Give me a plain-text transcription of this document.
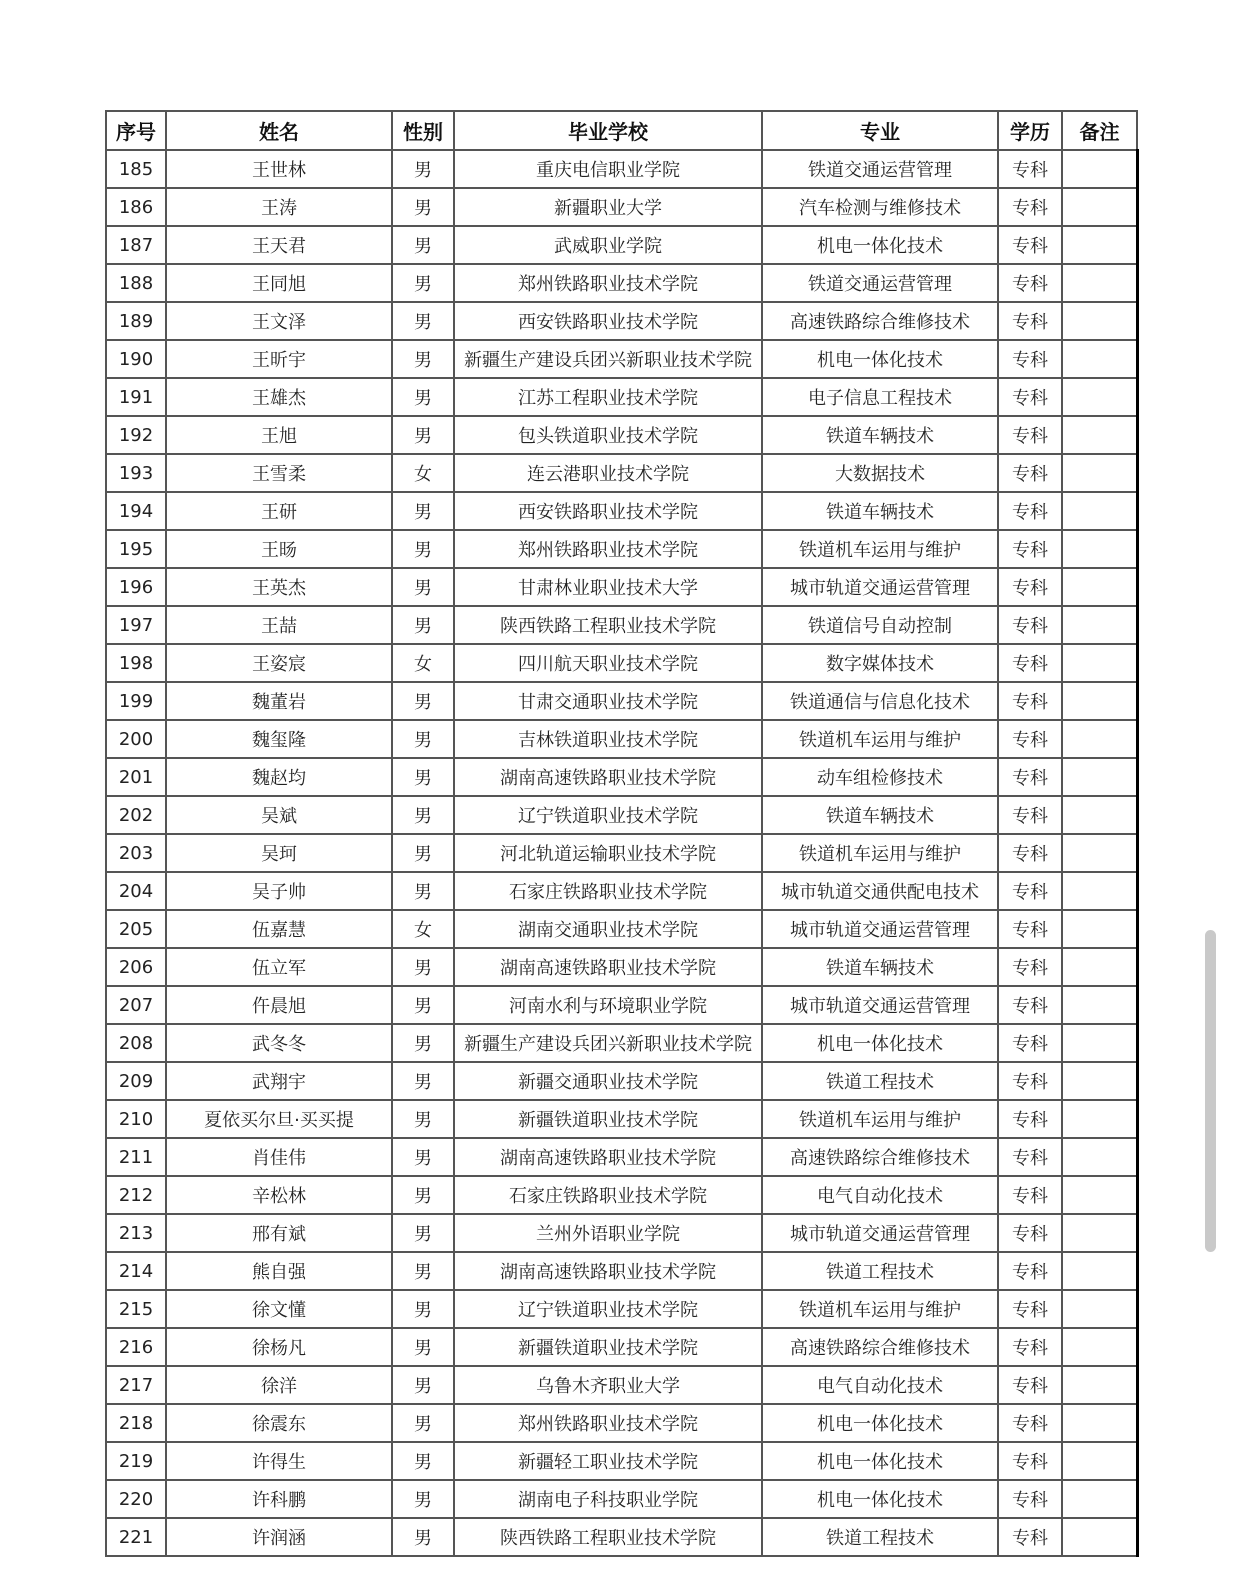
序号	姓名	性别	毕业学校	专业	学历	备注
185	王世林	男	重庆电信职业学院	铁道交通运营管理	专科	
186	王涛	男	新疆职业大学	汽车检测与维修技术	专科	
187	王天君	男	武威职业学院	机电一体化技术	专科	
188	王同旭	男	郑州铁路职业技术学院	铁道交通运营管理	专科	
189	王文泽	男	西安铁路职业技术学院	高速铁路综合维修技术	专科	
190	王昕宇	男	新疆生产建设兵团兴新职业技术学院	机电一体化技术	专科	
191	王雄杰	男	江苏工程职业技术学院	电子信息工程技术	专科	
192	王旭	男	包头铁道职业技术学院	铁道车辆技术	专科	
193	王雪柔	女	连云港职业技术学院	大数据技术	专科	
194	王研	男	西安铁路职业技术学院	铁道车辆技术	专科	
195	王旸	男	郑州铁路职业技术学院	铁道机车运用与维护	专科	
196	王英杰	男	甘肃林业职业技术大学	城市轨道交通运营管理	专科	
197	王喆	男	陕西铁路工程职业技术学院	铁道信号自动控制	专科	
198	王姿宸	女	四川航天职业技术学院	数字媒体技术	专科	
199	魏董岩	男	甘肃交通职业技术学院	铁道通信与信息化技术	专科	
200	魏玺隆	男	吉林铁道职业技术学院	铁道机车运用与维护	专科	
201	魏赵均	男	湖南高速铁路职业技术学院	动车组检修技术	专科	
202	吴斌	男	辽宁铁道职业技术学院	铁道车辆技术	专科	
203	吴珂	男	河北轨道运输职业技术学院	铁道机车运用与维护	专科	
204	吴子帅	男	石家庄铁路职业技术学院	城市轨道交通供配电技术	专科	
205	伍嘉慧	女	湖南交通职业技术学院	城市轨道交通运营管理	专科	
206	伍立军	男	湖南高速铁路职业技术学院	铁道车辆技术	专科	
207	仵晨旭	男	河南水利与环境职业学院	城市轨道交通运营管理	专科	
208	武冬冬	男	新疆生产建设兵团兴新职业技术学院	机电一体化技术	专科	
209	武翔宇	男	新疆交通职业技术学院	铁道工程技术	专科	
210	夏依买尔旦·买买提	男	新疆铁道职业技术学院	铁道机车运用与维护	专科	
211	肖佳伟	男	湖南高速铁路职业技术学院	高速铁路综合维修技术	专科	
212	辛松林	男	石家庄铁路职业技术学院	电气自动化技术	专科	
213	邢有斌	男	兰州外语职业学院	城市轨道交通运营管理	专科	
214	熊自强	男	湖南高速铁路职业技术学院	铁道工程技术	专科	
215	徐文懂	男	辽宁铁道职业技术学院	铁道机车运用与维护	专科	
216	徐杨凡	男	新疆铁道职业技术学院	高速铁路综合维修技术	专科	
217	徐洋	男	乌鲁木齐职业大学	电气自动化技术	专科	
218	徐震东	男	郑州铁路职业技术学院	机电一体化技术	专科	
219	许得生	男	新疆轻工职业技术学院	机电一体化技术	专科	
220	许科鹏	男	湖南电子科技职业学院	机电一体化技术	专科	
221	许润涵	男	陕西铁路工程职业技术学院	铁道工程技术	专科	
